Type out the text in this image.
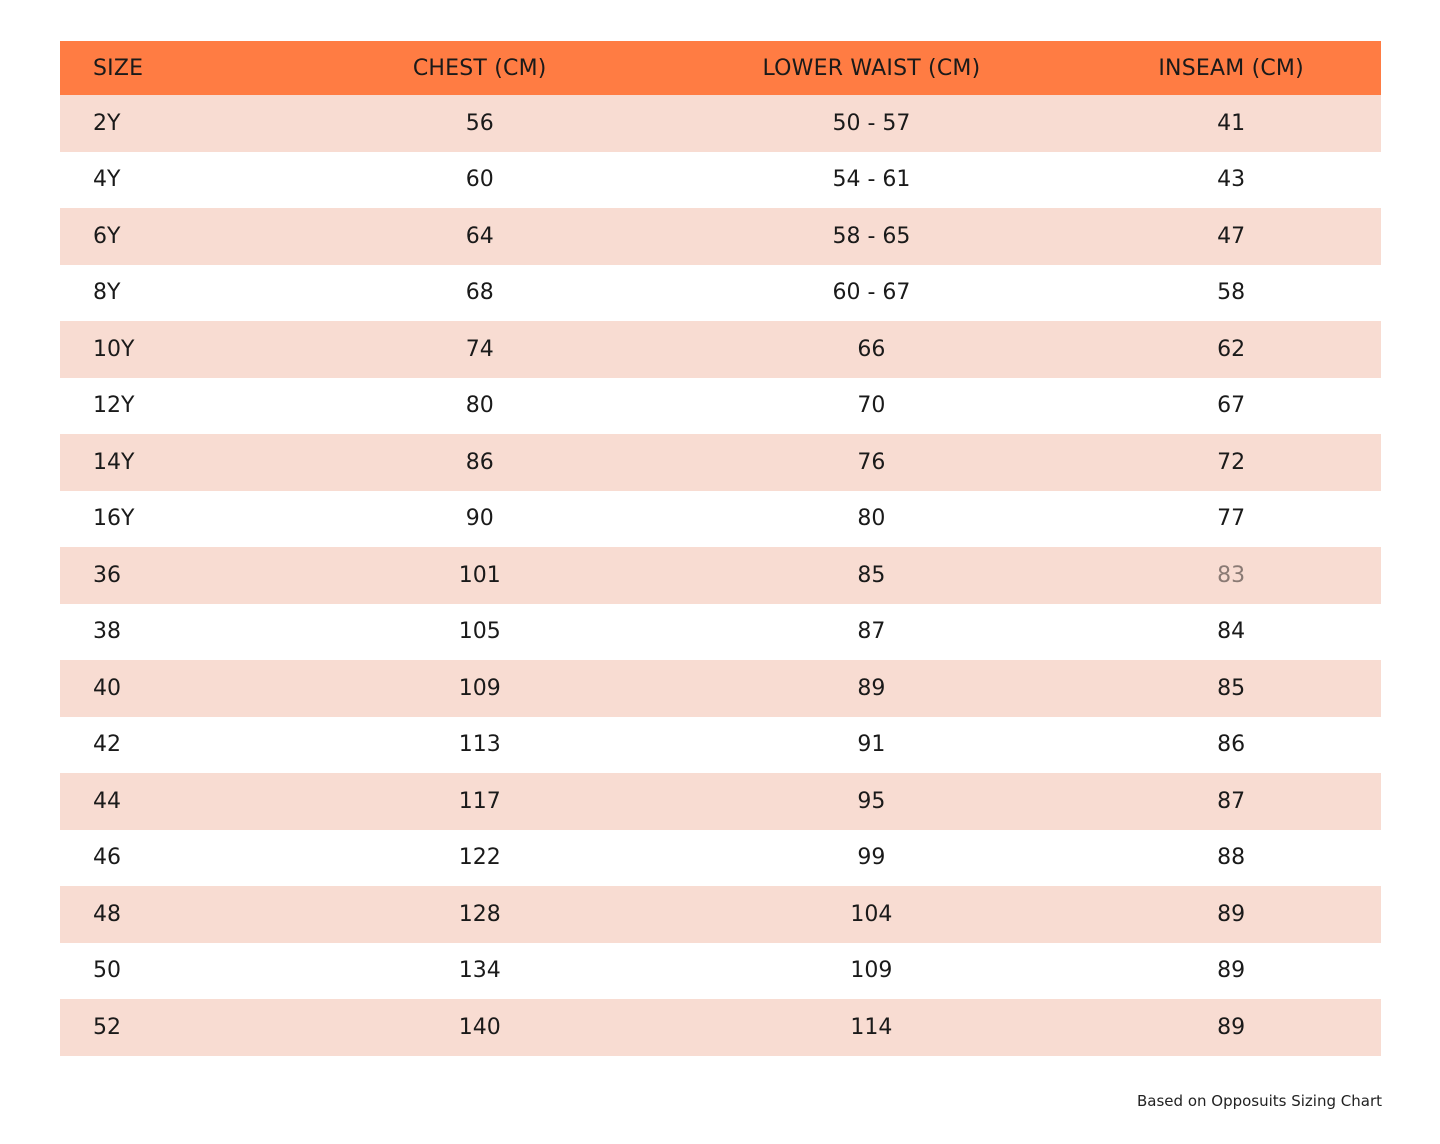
SIZE	CHEST (CM)	LOWER WAIST (CM)	INSEAM (CM)
2Y	56	50 - 57	41
4Y	60	54 - 61	43
6Y	64	58 - 65	47
8Y	68	60 - 67	58
10Y	74	66	62
12Y	80	70	67
14Y	86	76	72
16Y	90	80	77
36	101	85	83
38	105	87	84
40	109	89	85
42	113	91	86
44	117	95	87
46	122	99	88
48	128	104	89
50	134	109	89
52	140	114	89
Based on Opposuits Sizing Chart
